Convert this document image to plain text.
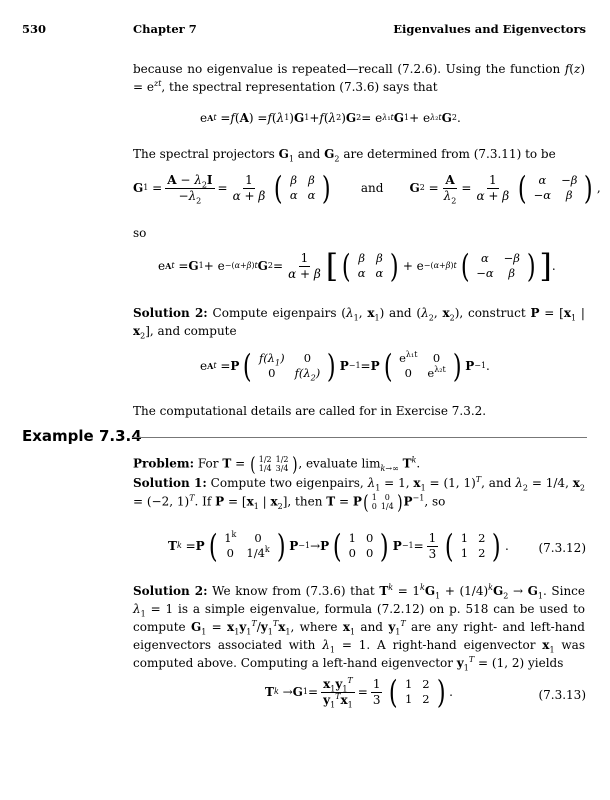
530	Chapter 7	Eigenvalues and Eigenvectors
because no eigenvalue is repeated—recall (7.2.6). Using the function $f(z) = e^{zt}$, the spectral representation (7.3.6) says that
e A t = f ( A ) = f ( λ 1 ) G 1 + f ( λ 2 ) G 2 = e λ₁t G 1 + e λ₂t G 2 .
The spectral projectors $G_1$ and $G_2$ are determined from (7.3.11) to be
G $1 = \frac{A - \lambda_2I}{-\lambda_2} = \frac{1}{\alpha + \beta}$ ( β	β
α	α ) and G $2 = \frac{A}{\lambda_2} = \frac{1}{\alpha + \beta}$ ( α	−β
−α	β ) ,
so
e A t = G 1 + e −(α+β)t G $2 = \frac{1}{\alpha + \beta}$ [ ( β	β
α	α ) + e −(α+β)t ( α	−β
−α	β ) ] .
Solution 2: Compute eigenpairs ($\lambda_1$, $x_1$) and ($\lambda_2$, $x_2$), construct $P = [x_1$ | $x_2$], and compute
e A t = P ( $f(\lambda_1)$	0
0	$f(\lambda_2)$ ) P −1 = P ( $e^{\lambda_1t}$	0
0	$e^{\lambda_2t}$ ) P −1 .
The computational details are called for in Exercise 7.3.2.
Example 7.3.4
Problem: For T = ( 1/2	1/2
1/4	3/4 ) , evaluate $\lim_{k\to\infty} T^k$.
Solution 1: Compute two eigenpairs, $\lambda_1 = 1$, $x_1 = (1$, 1)$^T$, and $\lambda_2 = 1/4$, $x_2 = (-2$, 1)$^T$. If $P = [x_1$ | $x_2$], then T = P ( 1	0
0	1/4 ) $P^{-1}$, so
T k = P ( 1$^k$	0
0	1/4$^k$ ) P −1 → P ( 1	0
0	0 ) $P -1 = \frac{1}{3}$ ( 1	2
1	2 ) . (7.3.12)
Solution 2: We know from (7.3.6) that $T^k = 1^kG_1 + (1/4)^kG_2 \to G_1$. Since $\lambda_1 = 1$ is a simple eigenvalue, formula (7.2.12) on p. 518 can be used to compute $G_1 = x_1y_1^T/y_1^Tx_1$, where $x_1$ and $y_1^T$ are any right- and left-hand eigenvectors associated with $\lambda_1 = 1$. A right-hand eigenvector $x_1$ was computed above. Computing a left-hand eigenvector $y_1^T = (1$, 2) yields
T k → G $1 = \frac{x_1y_1^T}{y_1^Tx_1} = \frac{1}{3}$ ( 1	2
1	2 ) .	(7.3.13)
